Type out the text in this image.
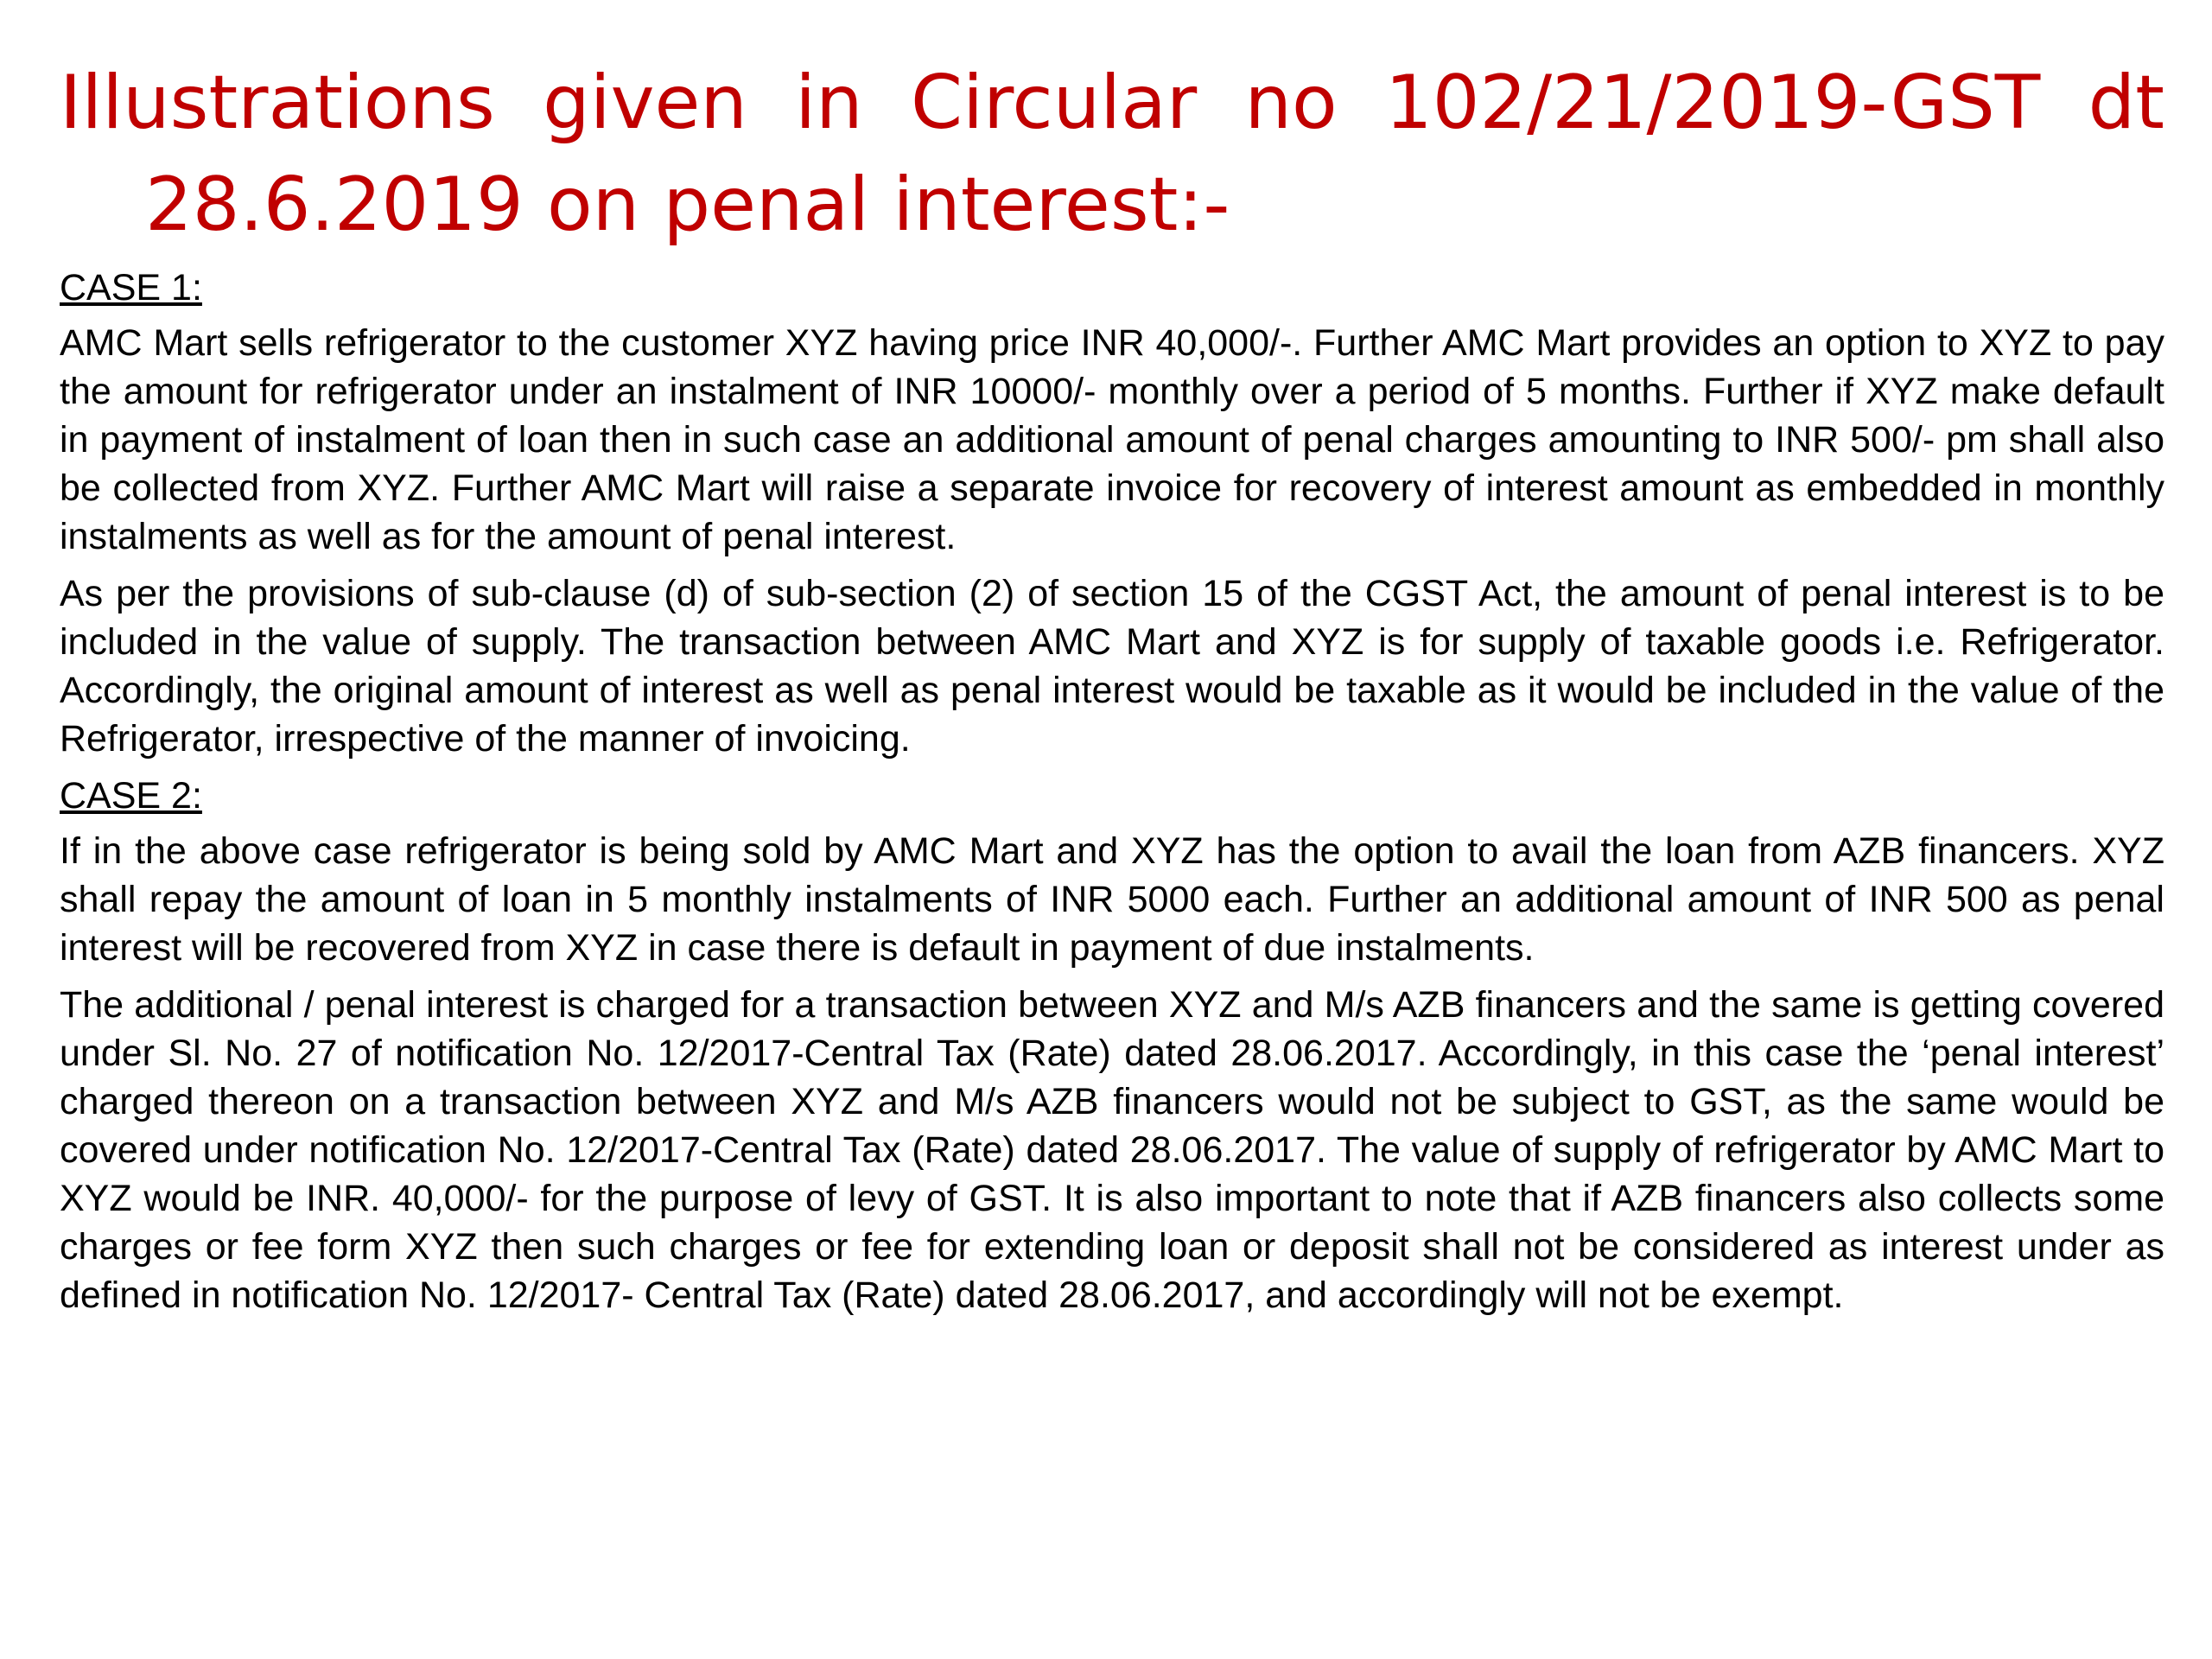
Illustrations given in Circular no 102/21/2019-GST dt
28.6.2019 on penal interest:-
CASE 1:

AMC Mart sells refrigerator to the customer XYZ having price INR 40,000/-. Further AMC Mart provides an option to XYZ to pay the amount for refrigerator under an instalment of INR 10000/- monthly over a period of 5 months. Further if XYZ make default in payment of instalment of loan then in such case an additional amount of penal charges amounting to INR 500/- pm shall also be collected from XYZ. Further AMC Mart will raise a separate invoice for recovery of interest amount as embedded in monthly instalments as well as for the amount of penal interest.

As per the provisions of sub-clause (d) of sub-section (2) of section 15 of the CGST Act, the amount of penal interest is to be included in the value of supply. The transaction between AMC Mart and XYZ is for supply of taxable goods i.e. Refrigerator. Accordingly, the original amount of interest as well as penal interest would be taxable as it would be included in the value of the Refrigerator, irrespective of the manner of invoicing.

CASE 2:

If in the above case refrigerator is being sold by AMC Mart and XYZ has the option to avail the loan from AZB financers. XYZ shall repay the amount of loan in 5 monthly instalments of INR 5000 each. Further an additional amount of INR 500 as penal interest will be recovered from XYZ in case there is default in payment of due instalments.

The additional / penal interest is charged for a transaction between XYZ and M/s AZB financers and the same is getting covered under Sl. No. 27 of notification No. 12/2017-Central Tax (Rate) dated 28.06.2017. Accordingly, in this case the ‘penal interest’ charged thereon on a transaction between XYZ and M/s AZB financers would not be subject to GST, as the same would be covered under notification No. 12/2017-Central Tax (Rate) dated 28.06.2017. The value of supply of refrigerator by AMC Mart to XYZ would be INR. 40,000/- for the purpose of levy of GST. It is also important to note that if AZB financers also collects some charges or fee form XYZ then such charges or fee for extending loan or deposit shall not be considered as interest under as defined in notification No. 12/2017- Central Tax (Rate) dated 28.06.2017, and accordingly will not be exempt.
